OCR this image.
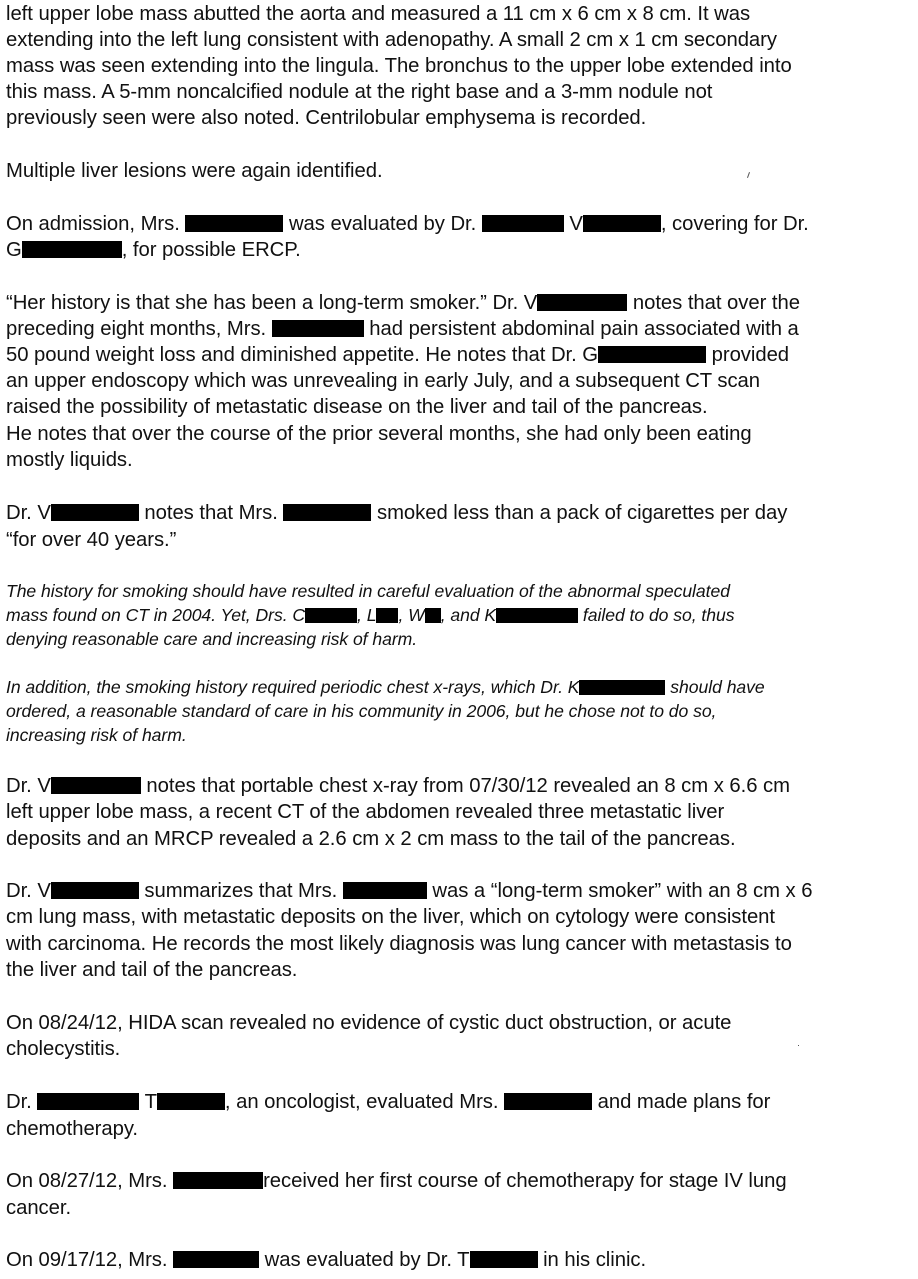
left upper lobe mass abutted the aorta and measured a 11 cm x 6 cm x 8 cm. It was

extending into the left lung consistent with adenopathy. A small 2 cm x 1 cm secondary

mass was seen extending into the lingula. The bronchus to the upper lobe extended into

this mass. A 5-mm noncalcified nodule at the right base and a 3-mm nodule not

previously seen were also noted. Centrilobular emphysema is recorded.

Multiple liver lesions were again identified.

On admission, Mrs.	was evaluated by Dr.	V	, covering for Dr.

G	, for possible ERCP.

“Her history is that she has been a long-term smoker.” Dr. V	notes that over the

preceding eight months, Mrs.	had persistent abdominal pain associated with a

50 pound weight loss and diminished appetite. He notes that Dr. G	provided

an upper endoscopy which was unrevealing in early July, and a subsequent CT scan

raised the possibility of metastatic disease on the liver and tail of the pancreas.

He notes that over the course of the prior several months, she had only been eating

mostly liquids.

Dr. V	notes that Mrs.	smoked less than a pack of cigarettes per day

“for over 40 years.”

The history for smoking should have resulted in careful evaluation of the abnormal speculated

mass found on CT in 2004. Yet, Drs. C	, L , W , and K	failed to do so, thus

denying reasonable care and increasing risk of harm.

In addition, the smoking history required periodic chest x-rays, which Dr. K	should have

ordered, a reasonable standard of care in his community in 2006, but he chose not to do so,

increasing risk of harm.

Dr. V	notes that portable chest x-ray from 07/30/12 revealed an 8 cm x 6.6 cm

left upper lobe mass, a recent CT of the abdomen revealed three metastatic liver

deposits and an MRCP revealed a 2.6 cm x 2 cm mass to the tail of the pancreas.

Dr. V	summarizes that Mrs.	was a “long-term smoker” with an 8 cm x 6

cm lung mass, with metastatic deposits on the liver, which on cytology were consistent

with carcinoma. He records the most likely diagnosis was lung cancer with metastasis to

the liver and tail of the pancreas.

On 08/24/12, HIDA scan revealed no evidence of cystic duct obstruction, or acute

cholecystitis.

Dr.	T	, an oncologist, evaluated Mrs.	and made plans for

chemotherapy.

On 08/27/12, Mrs.	received her first course of chemotherapy for stage IV lung

cancer.

On 09/17/12, Mrs.	was evaluated by Dr. T	in his clinic.
